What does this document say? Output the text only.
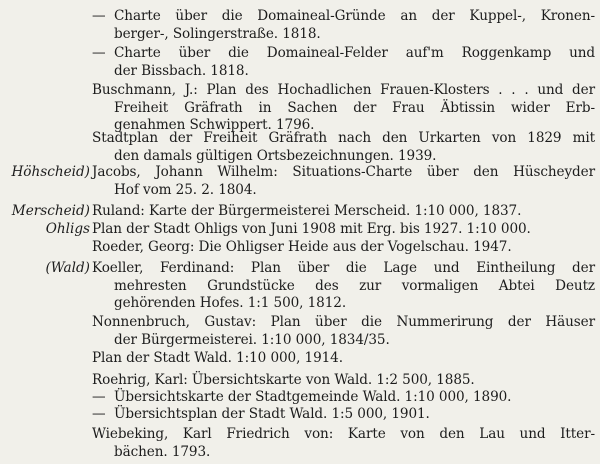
Höhscheid)
Merscheid)
Ohligs
(Wald)
— Charte über die Domaineal-Gründe an der Kuppel-, Kronen-
berger-, Solingerstraße. 1818.
— Charte über die Domaineal-Felder auf'm Roggenkamp und
der Bissbach. 1818.
Buschmann, J.: Plan des Hochadlichen Frauen-Klosters . . . und der
Freiheit Gräfrath in Sachen der Frau Äbtissin wider Erb-
genahmen Schwippert. 1796.
Stadtplan der Freiheit Gräfrath nach den Urkarten von 1829 mit
den damals gültigen Ortsbezeichnungen. 1939.
Jacobs, Johann Wilhelm: Situations-Charte über den Hüscheyder
Hof vom 25. 2. 1804.
Ruland: Karte der Bürgermeisterei Merscheid. 1:10 000, 1837.
Plan der Stadt Ohligs von Juni 1908 mit Erg. bis 1927. 1:10 000.
Roeder, Georg: Die Ohligser Heide aus der Vogelschau. 1947.
Koeller, Ferdinand: Plan über die Lage und Eintheilung der
mehresten Grundstücke des zur vormaligen Abtei Deutz
gehörenden Hofes. 1:1 500, 1812.
Nonnenbruch, Gustav: Plan über die Nummerirung der Häuser
der Bürgermeisterei. 1:10 000, 1834/35.
Plan der Stadt Wald. 1:10 000, 1914.
Roehrig, Karl: Übersichtskarte von Wald. 1:2 500, 1885.
— Übersichtskarte der Stadtgemeinde Wald. 1:10 000, 1890.
— Übersichtsplan der Stadt Wald. 1:5 000, 1901.
Wiebeking, Karl Friedrich von: Karte von den Lau und Itter-
bächen. 1793.
